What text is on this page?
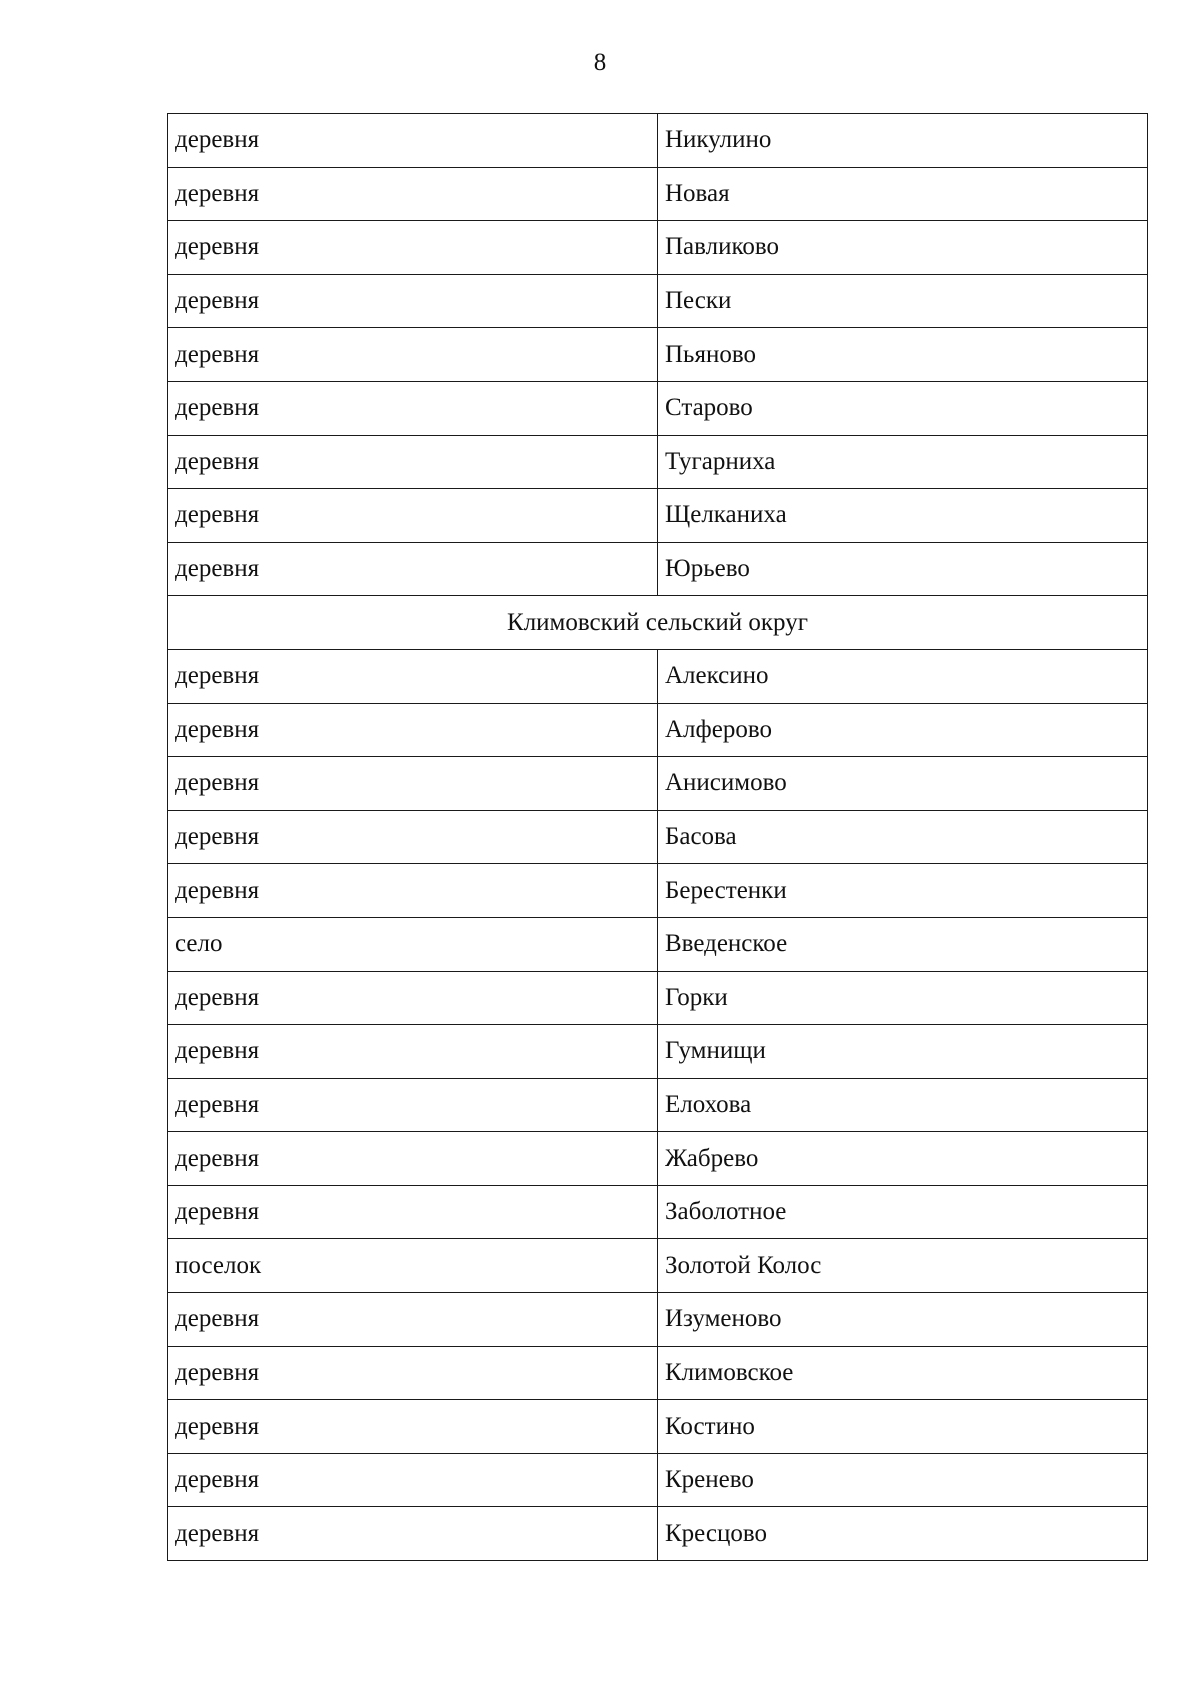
8
деревня	Никулино
деревня	Новая
деревня	Павликово
деревня	Пески
деревня	Пьяново
деревня	Старово
деревня	Тугарниха
деревня	Щелканиха
деревня	Юрьево
Климовский сельский округ	
деревня	Алексино
деревня	Алферово
деревня	Анисимово
деревня	Басова
деревня	Берестенки
село	Введенское
деревня	Горки
деревня	Гумнищи
деревня	Елохова
деревня	Жабрево
деревня	Заболотное
поселок	Золотой Колос
деревня	Изуменово
деревня	Климовское
деревня	Костино
деревня	Кренево
деревня	Кресцово
